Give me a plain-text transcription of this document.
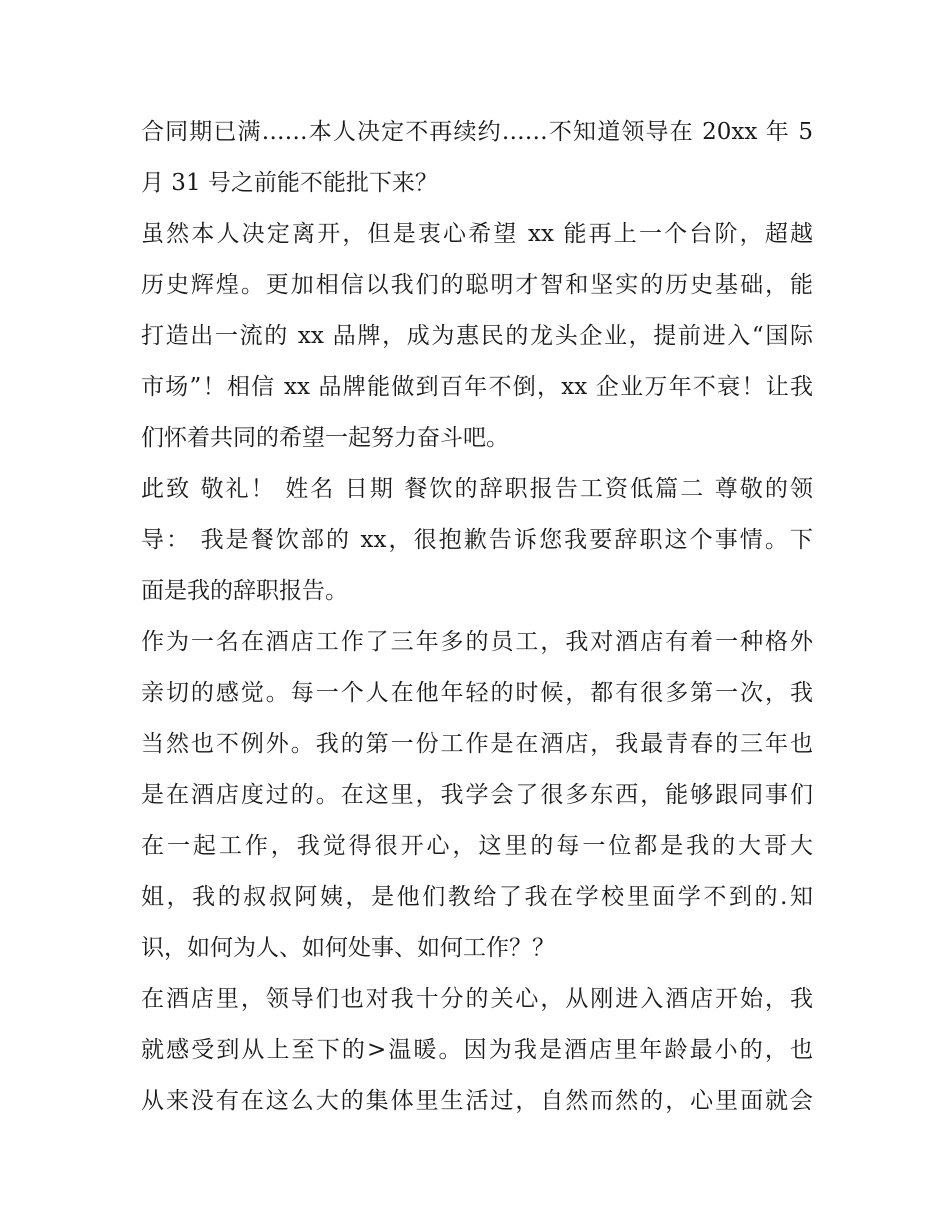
合同期已满……本人决定不再续约……不知道领导在 20xx 年 5
月 31 号之前能不能批下来？
虽然本人决定离开，但是衷心希望 xx 能再上一个台阶，超越
历史辉煌。更加相信以我们的聪明才智和坚实的历史基础，能
打造出一流的 xx 品牌，成为惠民的龙头企业，提前进入“国际
市场”！相信 xx 品牌能做到百年不倒，xx 企业万年不衰！让我
们怀着共同的希望一起努力奋斗吧。
此致 敬礼！ 姓名 日期 餐饮的辞职报告工资低篇二 尊敬的领
导： 我是餐饮部的 xx，很抱歉告诉您我要辞职这个事情。下
面是我的辞职报告。
作为一名在酒店工作了三年多的员工，我对酒店有着一种格外
亲切的感觉。每一个人在他年轻的时候，都有很多第一次，我
当然也不例外。我的第一份工作是在酒店，我最青春的三年也
是在酒店度过的。在这里，我学会了很多东西，能够跟同事们
在一起工作，我觉得很开心，这里的每一位都是我的大哥大
姐，我的叔叔阿姨，是他们教给了我在学校里面学不到的.知
识，如何为人、如何处事、如何工作？？
在酒店里，领导们也对我十分的关心，从刚进入酒店开始，我
就感受到从上至下的>温暖。因为我是酒店里年龄最小的，也
从来没有在这么大的集体里生活过，自然而然的，心里面就会
